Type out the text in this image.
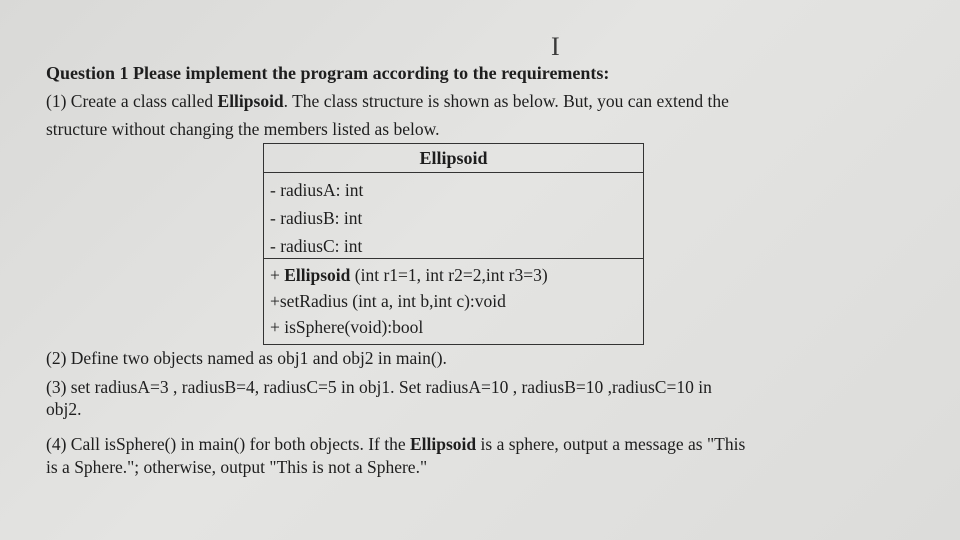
I
Question 1 Please implement the program according to the requirements:
(1) Create a class called Ellipsoid. The class structure is shown as below. But, you can extend the
structure without changing the members listed as below.
Ellipsoid
- radiusA: int
- radiusB: int
- radiusC: int
+ Ellipsoid (int r1=1, int r2=2,int r3=3)
+setRadius (int a, int b,int c):void
+ isSphere(void):bool
(2) Define two objects named as obj1 and obj2 in main().
(3) set radiusA=3 , radiusB=4, radiusC=5 in obj1. Set radiusA=10 , radiusB=10 ,radiusC=10 in
obj2.
(4) Call isSphere() in main() for both objects. If the Ellipsoid is a sphere, output a message as "This
is a Sphere."; otherwise, output "This is not a Sphere."
